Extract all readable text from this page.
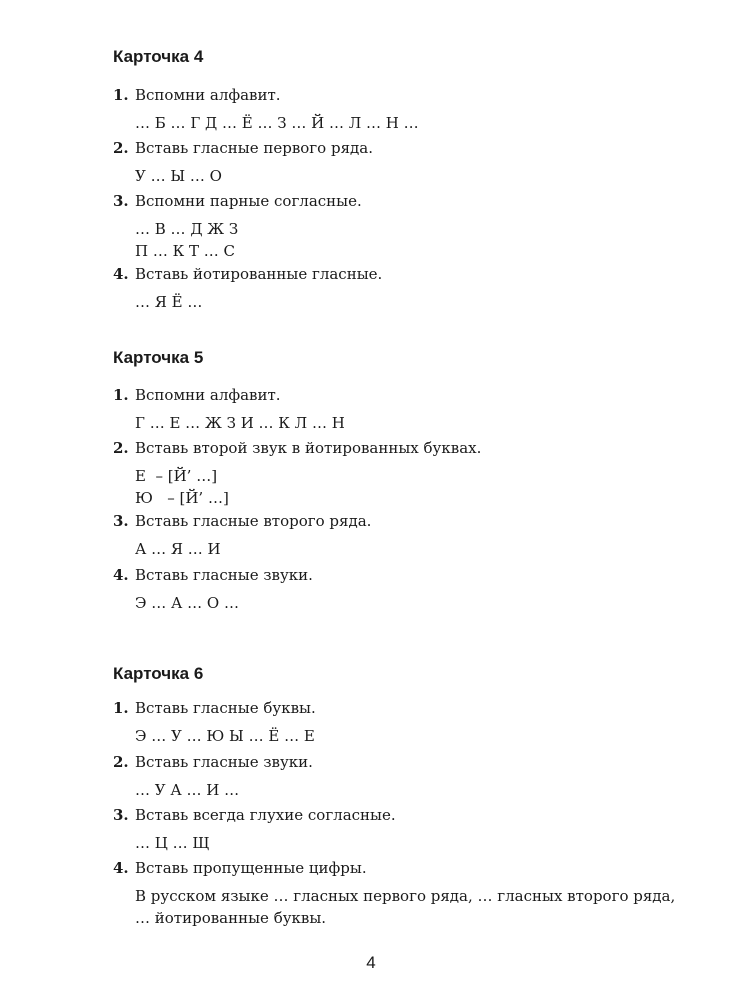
Карточка 4
1. Вспомни алфавит.
… Б … Г Д … Ё … З … Й … Л … Н …
2. Вставь гласные первого ряда.
У … Ы … О
3. Вспомни парные согласные.
… В … Д Ж З
П … К Т … С
4. Вставь йотированные гласные.
… Я Ё …
Карточка 5
1. Вспомни алфавит.
Г … Е … Ж З И … К Л … Н
2. Вставь второй звук в йотированных буквах.
Е  – [Й’ …]
Ю   – [Й’ …]
3. Вставь гласные второго ряда.
А … Я … И
4. Вставь гласные звуки.
Э … А … О …
Карточка 6
1. Вставь гласные буквы.
Э … У … Ю Ы … Ё … Е
2. Вставь гласные звуки.
… У А … И …
3. Вставь всегда глухие согласные.
… Ц … Щ
4. Вставь пропущенные цифры.
В русском языке … гласных первого ряда, … гласных второго ряда, … йотированные буквы.
4
